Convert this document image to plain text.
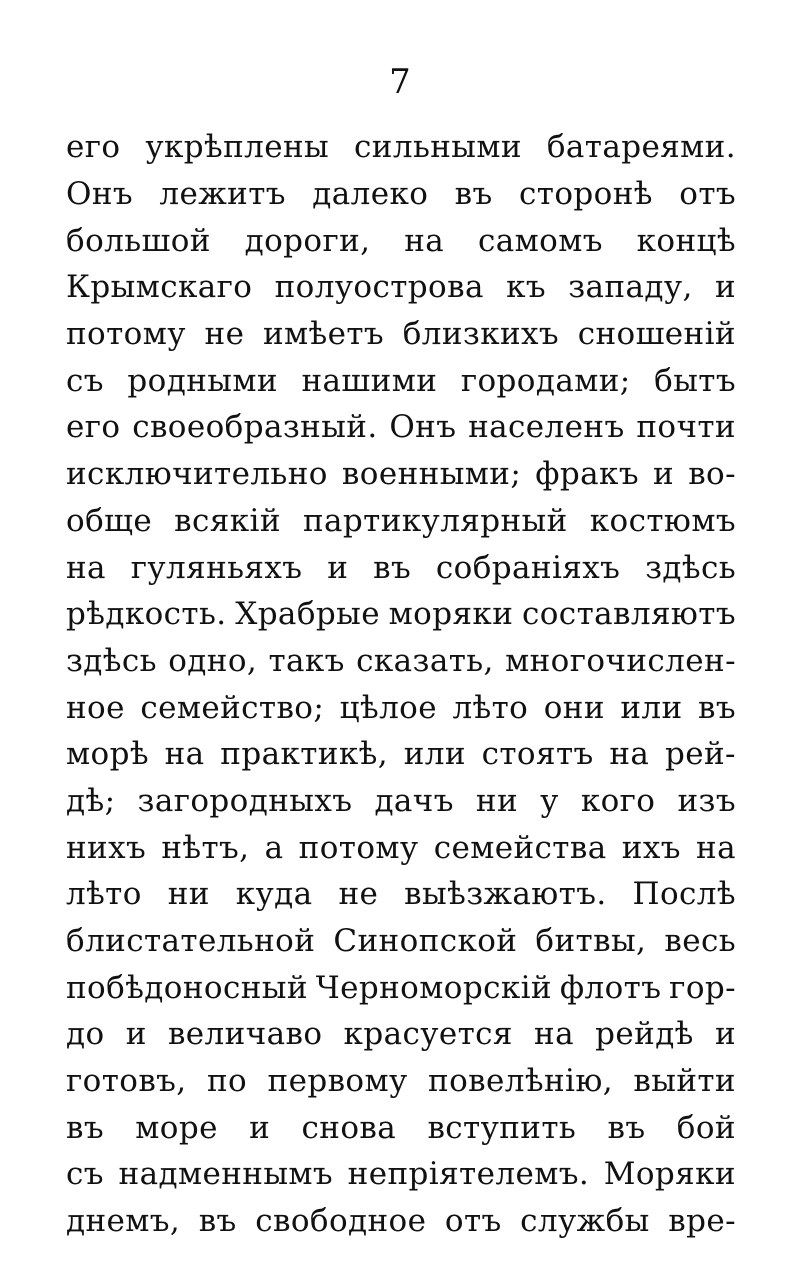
7
его укрѣплены сильными батареями.
Онъ лежитъ далеко въ сторонѣ отъ
большой дороги, на самомъ концѣ
Крымскаго полуострова къ западу, и
потому не имѣетъ близкихъ сношеній
съ родными нашими городами; бытъ
его своеобразный. Онъ населенъ почти
исключительно военными; фракъ и во-
обще всякій партикулярный костюмъ
на гуляньяхъ и въ собраніяхъ здѣсь
рѣдкость. Храбрые моряки составляютъ
здѣсь одно, такъ сказать, многочислен-
ное семейство; цѣлое лѣто они или въ
морѣ на практикѣ, или стоятъ на рей-
дѣ; загородныхъ дачъ ни у кого изъ
нихъ нѣтъ, а потому семейства ихъ на
лѣто ни куда не выѣзжаютъ. Послѣ
блистательной Синопской битвы, весь
побѣдоносный Черноморскій флотъ гор-
до и величаво красуется на рейдѣ и
готовъ, по первому повелѣнію, выйти
въ море и снова вступить въ бой
съ надменнымъ непріятелемъ. Моряки
днемъ, въ свободное отъ службы вре-
